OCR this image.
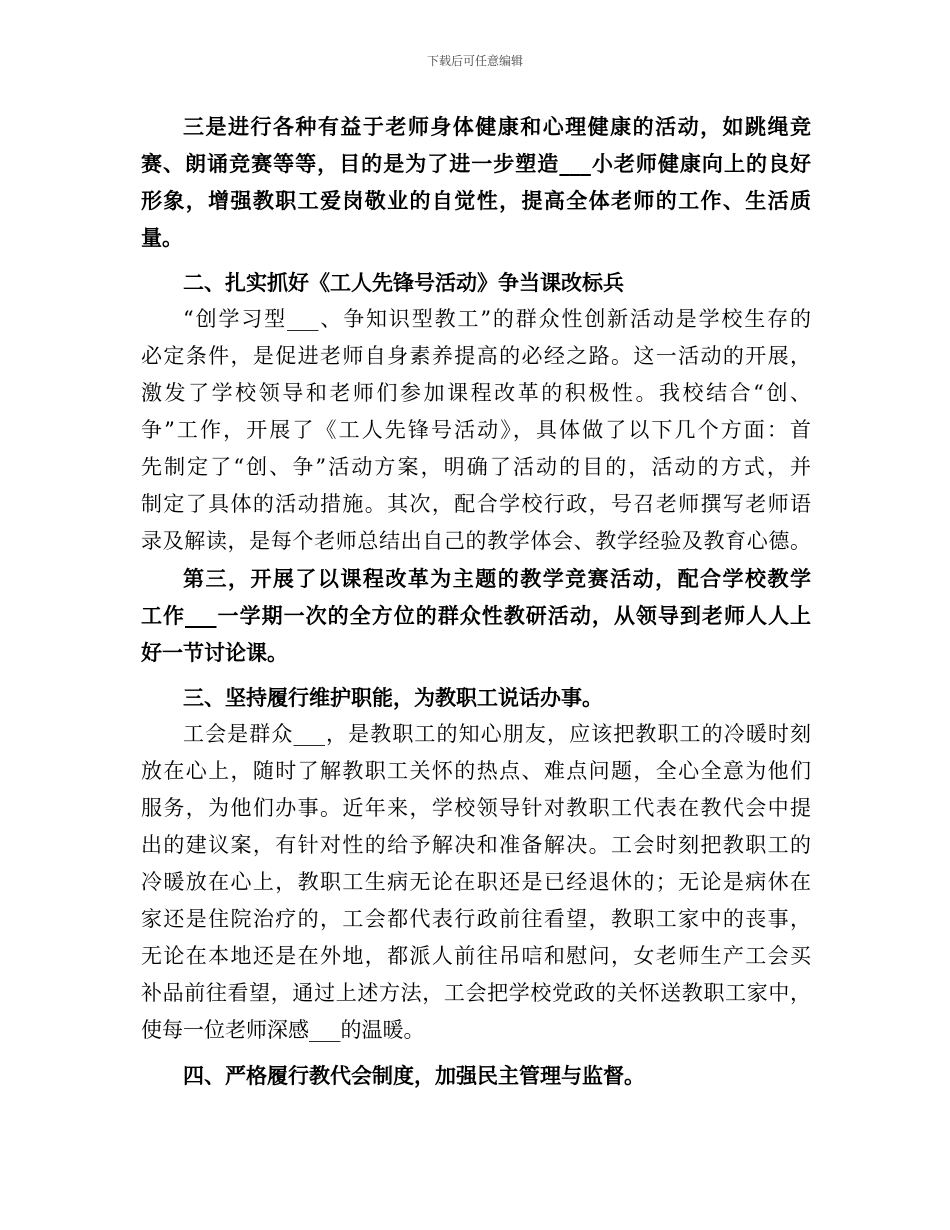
下载后可任意编辑
三是进行各种有益于老师身体健康和心理健康的活动，如跳绳竞
赛、朗诵竞赛等等，目的是为了进一步塑造___小老师健康向上的良好
形象，增强教职工爱岗敬业的自觉性，提高全体老师的工作、生活质
量。
二、扎实抓好《工人先锋号活动》争当课改标兵
“创学习型___、争知识型教工”的群众性创新活动是学校生存的
必定条件，是促进老师自身素养提高的必经之路。这一活动的开展，
激发了学校领导和老师们参加课程改革的积极性。我校结合“创、
争”工作，开展了《工人先锋号活动》，具体做了以下几个方面：首
先制定了“创、争”活动方案，明确了活动的目的，活动的方式，并
制定了具体的活动措施。其次，配合学校行政，号召老师撰写老师语
录及解读，是每个老师总结出自己的教学体会、教学经验及教育心德。
第三，开展了以课程改革为主题的教学竞赛活动，配合学校教学
工作___一学期一次的全方位的群众性教研活动，从领导到老师人人上
好一节讨论课。
三、坚持履行维护职能，为教职工说话办事。
工会是群众___，是教职工的知心朋友，应该把教职工的冷暖时刻
放在心上，随时了解教职工关怀的热点、难点问题，全心全意为他们
服务，为他们办事。近年来，学校领导针对教职工代表在教代会中提
出的建议案，有针对性的给予解决和准备解决。工会时刻把教职工的
冷暖放在心上，教职工生病无论在职还是已经退休的；无论是病休在
家还是住院治疗的，工会都代表行政前往看望，教职工家中的丧事，
无论在本地还是在外地，都派人前往吊唁和慰问，女老师生产工会买
补品前往看望，通过上述方法，工会把学校党政的关怀送教职工家中，
使每一位老师深感___的温暖。
四、严格履行教代会制度，加强民主管理与监督。
